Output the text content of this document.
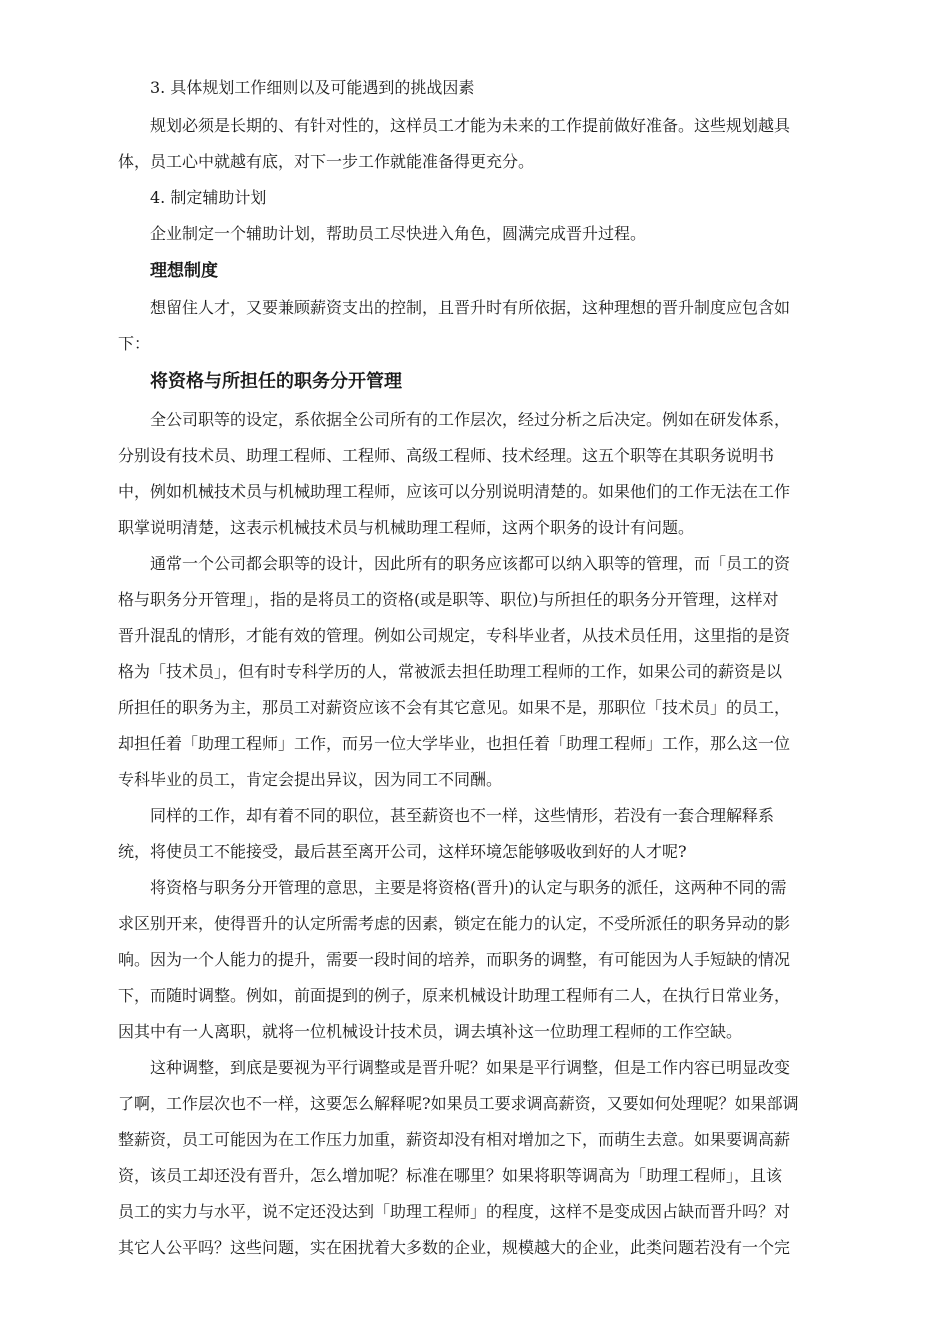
3. 具体规划工作细则以及可能遇到的挑战因素
规划必须是长期的、有针对性的，这样员工才能为未来的工作提前做好准备。这些规划越具
体，员工心中就越有底，对下一步工作就能准备得更充分。
4. 制定辅助计划
企业制定一个辅助计划，帮助员工尽快进入角色，圆满完成晋升过程。
理想制度
想留住人才，又要兼顾薪资支出的控制，且晋升时有所依据，这种理想的晋升制度应包含如
下：
将资格与所担任的职务分开管理
全公司职等的设定，系依据全公司所有的工作层次，经过分析之后决定。例如在研发体系，
分别设有技术员、助理工程师、工程师、高级工程师、技术经理。这五个职等在其职务说明书
中，例如机械技术员与机械助理工程师，应该可以分别说明清楚的。如果他们的工作无法在工作
职掌说明清楚，这表示机械技术员与机械助理工程师，这两个职务的设计有问题。
通常一个公司都会职等的设计，因此所有的职务应该都可以纳入职等的管理，而「员工的资
格与职务分开管理」，指的是将员工的资格(或是职等、职位)与所担任的职务分开管理，这样对
晋升混乱的情形，才能有效的管理。例如公司规定，专科毕业者，从技术员任用，这里指的是资
格为「技术员」，但有时专科学历的人，常被派去担任助理工程师的工作，如果公司的薪资是以
所担任的职务为主，那员工对薪资应该不会有其它意见。如果不是，那职位「技术员」的员工，
却担任着「助理工程师」工作，而另一位大学毕业，也担任着「助理工程师」工作，那么这一位
专科毕业的员工，肯定会提出异议，因为同工不同酬。
同样的工作，却有着不同的职位，甚至薪资也不一样，这些情形，若没有一套合理解释系
统，将使员工不能接受，最后甚至离开公司，这样环境怎能够吸收到好的人才呢?
将资格与职务分开管理的意思，主要是将资格(晋升)的认定与职务的派任，这两种不同的需
求区别开来，使得晋升的认定所需考虑的因素，锁定在能力的认定，不受所派任的职务异动的影
响。因为一个人能力的提升，需要一段时间的培养，而职务的调整，有可能因为人手短缺的情况
下，而随时调整。例如，前面提到的例子，原来机械设计助理工程师有二人，在执行日常业务，
因其中有一人离职，就将一位机械设计技术员，调去填补这一位助理工程师的工作空缺。
这种调整，到底是要视为平行调整或是晋升呢？如果是平行调整，但是工作内容已明显改变
了啊，工作层次也不一样，这要怎么解释呢?如果员工要求调高薪资，又要如何处理呢？如果部调
整薪资，员工可能因为在工作压力加重，薪资却没有相对增加之下，而萌生去意。如果要调高薪
资，该员工却还没有晋升，怎么增加呢？标准在哪里？如果将职等调高为「助理工程师」，且该
员工的实力与水平，说不定还没达到「助理工程师」的程度，这样不是变成因占缺而晋升吗？对
其它人公平吗？这些问题，实在困扰着大多数的企业，规模越大的企业，此类问题若没有一个完
